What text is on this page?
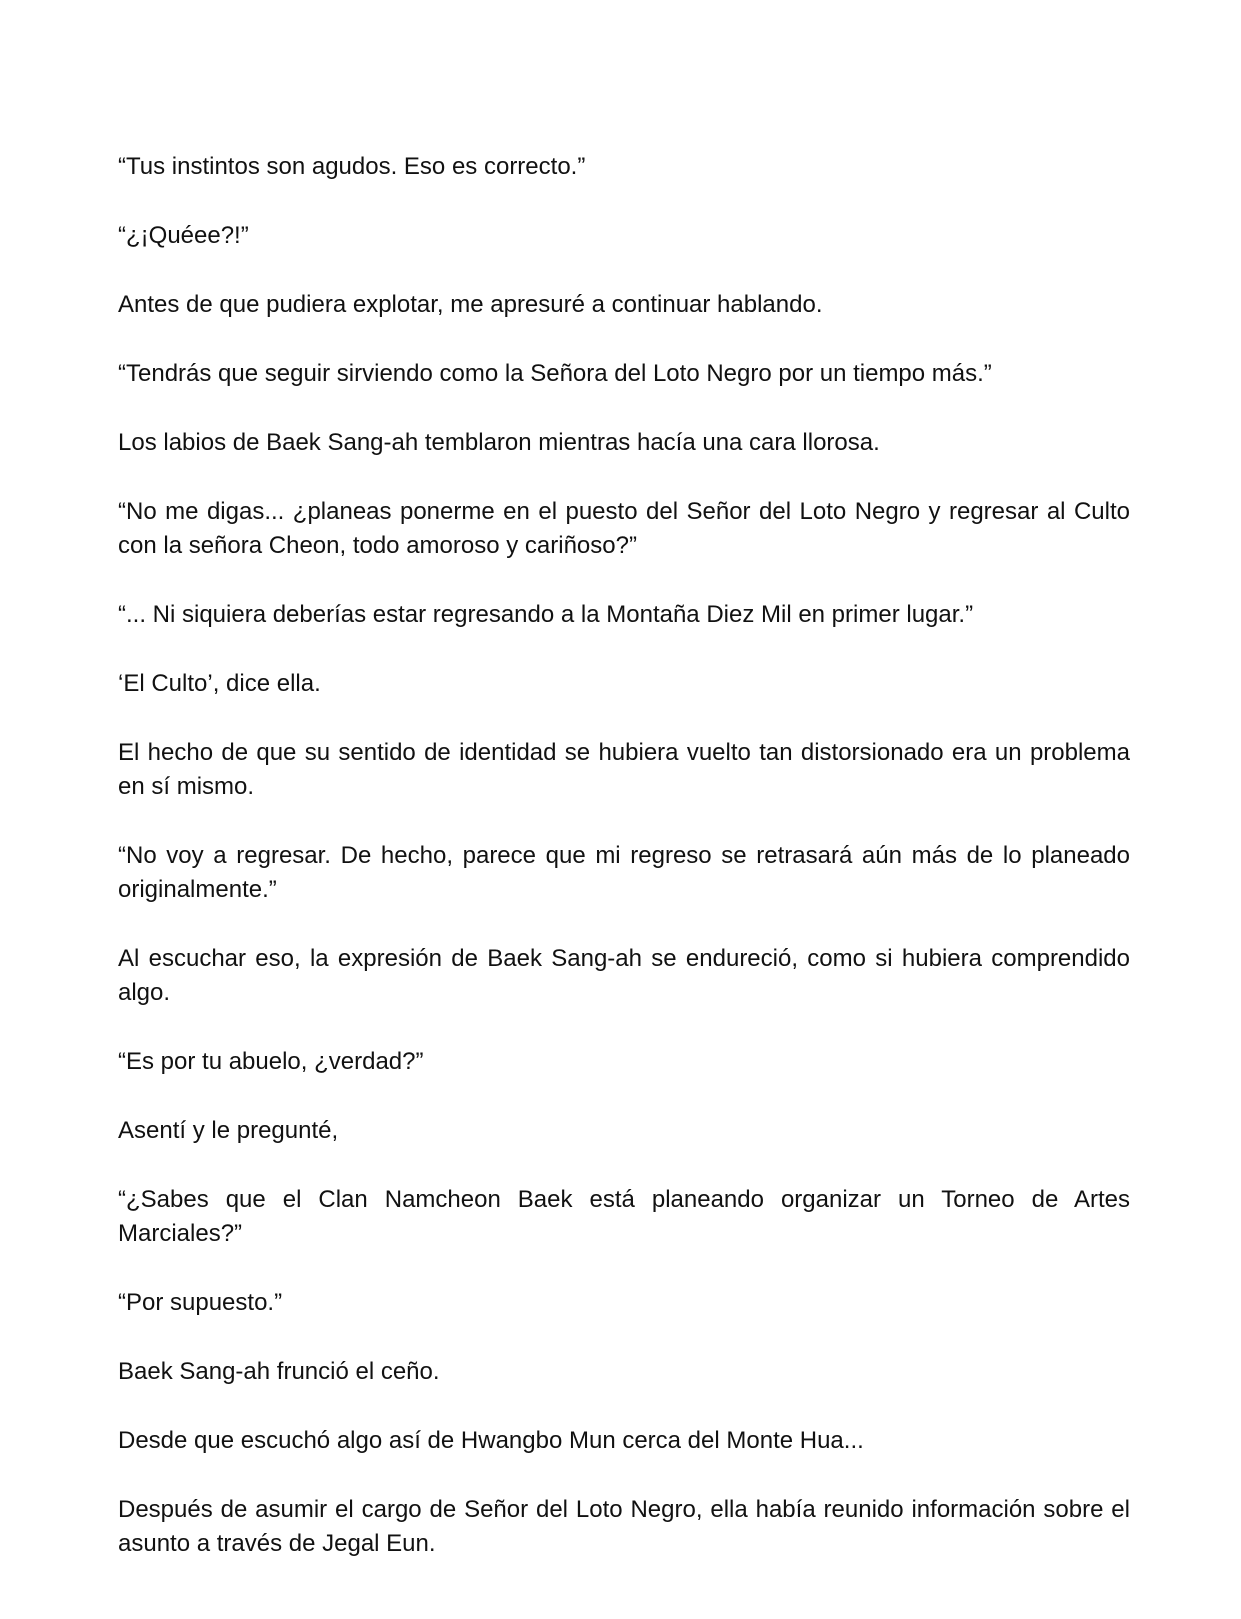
“Tus instintos son agudos. Eso es correcto.”

“¿¡Quéee?!”

Antes de que pudiera explotar, me apresuré a continuar hablando.

“Tendrás que seguir sirviendo como la Señora del Loto Negro por un tiempo más.”

Los labios de Baek Sang-ah temblaron mientras hacía una cara llorosa.

“No me digas... ¿planeas ponerme en el puesto del Señor del Loto Negro y regresar al Culto con la señora Cheon, todo amoroso y cariñoso?”

“... Ni siquiera deberías estar regresando a la Montaña Diez Mil en primer lugar.”

‘El Culto’, dice ella.

El hecho de que su sentido de identidad se hubiera vuelto tan distorsionado era un problema en sí mismo.

“No voy a regresar. De hecho, parece que mi regreso se retrasará aún más de lo planeado originalmente.”

Al escuchar eso, la expresión de Baek Sang-ah se endureció, como si hubiera comprendido algo.

“Es por tu abuelo, ¿verdad?”

Asentí y le pregunté,

“¿Sabes que el Clan Namcheon Baek está planeando organizar un Torneo de Artes Marciales?”

“Por supuesto.”

Baek Sang-ah frunció el ceño.

Desde que escuchó algo así de Hwangbo Mun cerca del Monte Hua...

Después de asumir el cargo de Señor del Loto Negro, ella había reunido información sobre el asunto a través de Jegal Eun.
